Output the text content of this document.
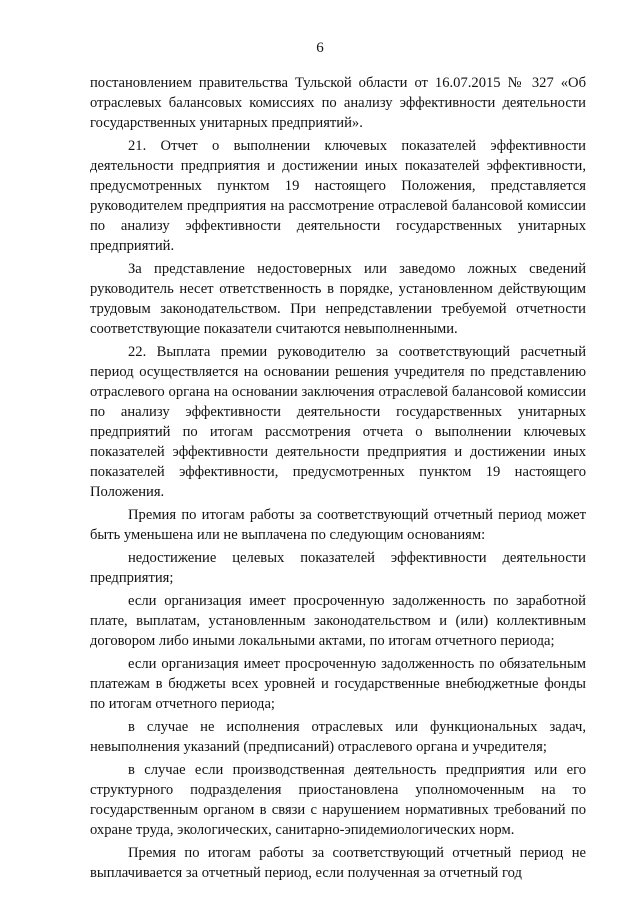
6

постановлением правительства Тульской области от 16.07.2015 № 327 «Об отраслевых балансовых комиссиях по анализу эффективности деятельности государственных унитарных предприятий».

21. Отчет о выполнении ключевых показателей эффективности деятельности предприятия и достижении иных показателей эффективности, предусмотренных пунктом 19 настоящего Положения, представляется руководителем предприятия на рассмотрение отраслевой балансовой комиссии по анализу эффективности деятельности государственных унитарных предприятий.

За представление недостоверных или заведомо ложных сведений руководитель несет ответственность в порядке, установленном действующим трудовым законодательством. При непредставлении требуемой отчетности соответствующие показатели считаются невыполненными.

22. Выплата премии руководителю за соответствующий расчетный период осуществляется на основании решения учредителя по представлению отраслевого органа на основании заключения отраслевой балансовой комиссии по анализу эффективности деятельности государственных унитарных предприятий по итогам рассмотрения отчета о выполнении ключевых показателей эффективности деятельности предприятия и достижении иных показателей эффективности, предусмотренных пунктом 19 настоящего Положения.

Премия по итогам работы за соответствующий отчетный период может быть уменьшена или не выплачена по следующим основаниям:

недостижение целевых показателей эффективности деятельности предприятия;

если организация имеет просроченную задолженность по заработной плате, выплатам, установленным законодательством и (или) коллективным договором либо иными локальными актами, по итогам отчетного периода;

если организация имеет просроченную задолженность по обязательным платежам в бюджеты всех уровней и государственные внебюджетные фонды по итогам отчетного периода;

в случае не исполнения отраслевых или функциональных задач, невыполнения указаний (предписаний) отраслевого органа и учредителя;

в случае если производственная деятельность предприятия или его структурного подразделения приостановлена уполномоченным на то государственным органом в связи с нарушением нормативных требований по охране труда, экологических, санитарно-эпидемиологических норм.

Премия по итогам работы за соответствующий отчетный период не выплачивается за отчетный период, если полученная за отчетный год
